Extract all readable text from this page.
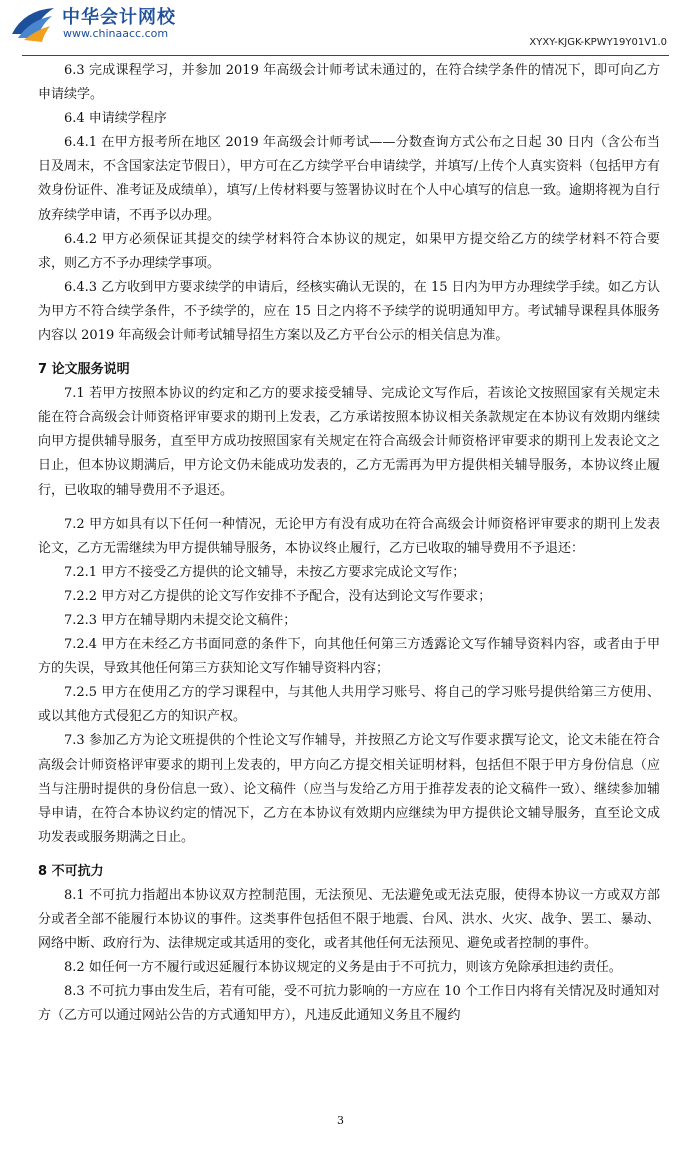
中华会计网校
www.chinaacc.com
XYXY-KJGK-KPWY19Y01V1.0

6.3 完成课程学习，并参加 2019 年高级会计师考试未通过的，在符合续学条件的情况下，即可向乙方申请续学。

6.4 申请续学程序

6.4.1 在甲方报考所在地区 2019 年高级会计师考试——分数查询方式公布之日起 30 日内（含公布当日及周末，不含国家法定节假日），甲方可在乙方续学平台申请续学，并填写/上传个人真实资料（包括甲方有效身份证件、准考证及成绩单），填写/上传材料要与签署协议时在个人中心填写的信息一致。逾期将视为自行放弃续学申请，不再予以办理。

6.4.2 甲方必须保证其提交的续学材料符合本协议的规定，如果甲方提交给乙方的续学材料不符合要求，则乙方不予办理续学事项。

6.4.3 乙方收到甲方要求续学的申请后，经核实确认无误的，在 15 日内为甲方办理续学手续。如乙方认为甲方不符合续学条件，不予续学的，应在 15 日之内将不予续学的说明通知甲方。考试辅导课程具体服务内容以 2019 年高级会计师考试辅导招生方案以及乙方平台公示的相关信息为准。

7 论文服务说明

7.1 若甲方按照本协议的约定和乙方的要求接受辅导、完成论文写作后，若该论文按照国家有关规定未能在符合高级会计师资格评审要求的期刊上发表，乙方承诺按照本协议相关条款规定在本协议有效期内继续向甲方提供辅导服务，直至甲方成功按照国家有关规定在符合高级会计师资格评审要求的期刊上发表论文之日止，但本协议期满后，甲方论文仍未能成功发表的，乙方无需再为甲方提供相关辅导服务，本协议终止履行，已收取的辅导费用不予退还。

7.2 甲方如具有以下任何一种情况，无论甲方有没有成功在符合高级会计师资格评审要求的期刊上发表论文，乙方无需继续为甲方提供辅导服务，本协议终止履行，乙方已收取的辅导费用不予退还：

7.2.1 甲方不接受乙方提供的论文辅导，未按乙方要求完成论文写作；

7.2.2 甲方对乙方提供的论文写作安排不予配合，没有达到论文写作要求；

7.2.3 甲方在辅导期内未提交论文稿件；

7.2.4 甲方在未经乙方书面同意的条件下，向其他任何第三方透露论文写作辅导资料内容，或者由于甲方的失误，导致其他任何第三方获知论文写作辅导资料内容；

7.2.5 甲方在使用乙方的学习课程中，与其他人共用学习账号、将自己的学习账号提供给第三方使用、或以其他方式侵犯乙方的知识产权。

7.3 参加乙方为论文班提供的个性论文写作辅导，并按照乙方论文写作要求撰写论文，论文未能在符合高级会计师资格评审要求的期刊上发表的，甲方向乙方提交相关证明材料，包括但不限于甲方身份信息（应当与注册时提供的身份信息一致）、论文稿件（应当与发给乙方用于推荐发表的论文稿件一致）、继续参加辅导申请，在符合本协议约定的情况下，乙方在本协议有效期内应继续为甲方提供论文辅导服务，直至论文成功发表或服务期满之日止。

8 不可抗力

8.1 不可抗力指超出本协议双方控制范围，无法预见、无法避免或无法克服，使得本协议一方或双方部分或者全部不能履行本协议的事件。这类事件包括但不限于地震、台风、洪水、火灾、战争、罢工、暴动、网络中断、政府行为、法律规定或其适用的变化，或者其他任何无法预见、避免或者控制的事件。

8.2 如任何一方不履行或迟延履行本协议规定的义务是由于不可抗力，则该方免除承担违约责任。

8.3 不可抗力事由发生后，若有可能，受不可抗力影响的一方应在 10 个工作日内将有关情况及时通知对方（乙方可以通过网站公告的方式通知甲方），凡违反此通知义务且不履约

3
